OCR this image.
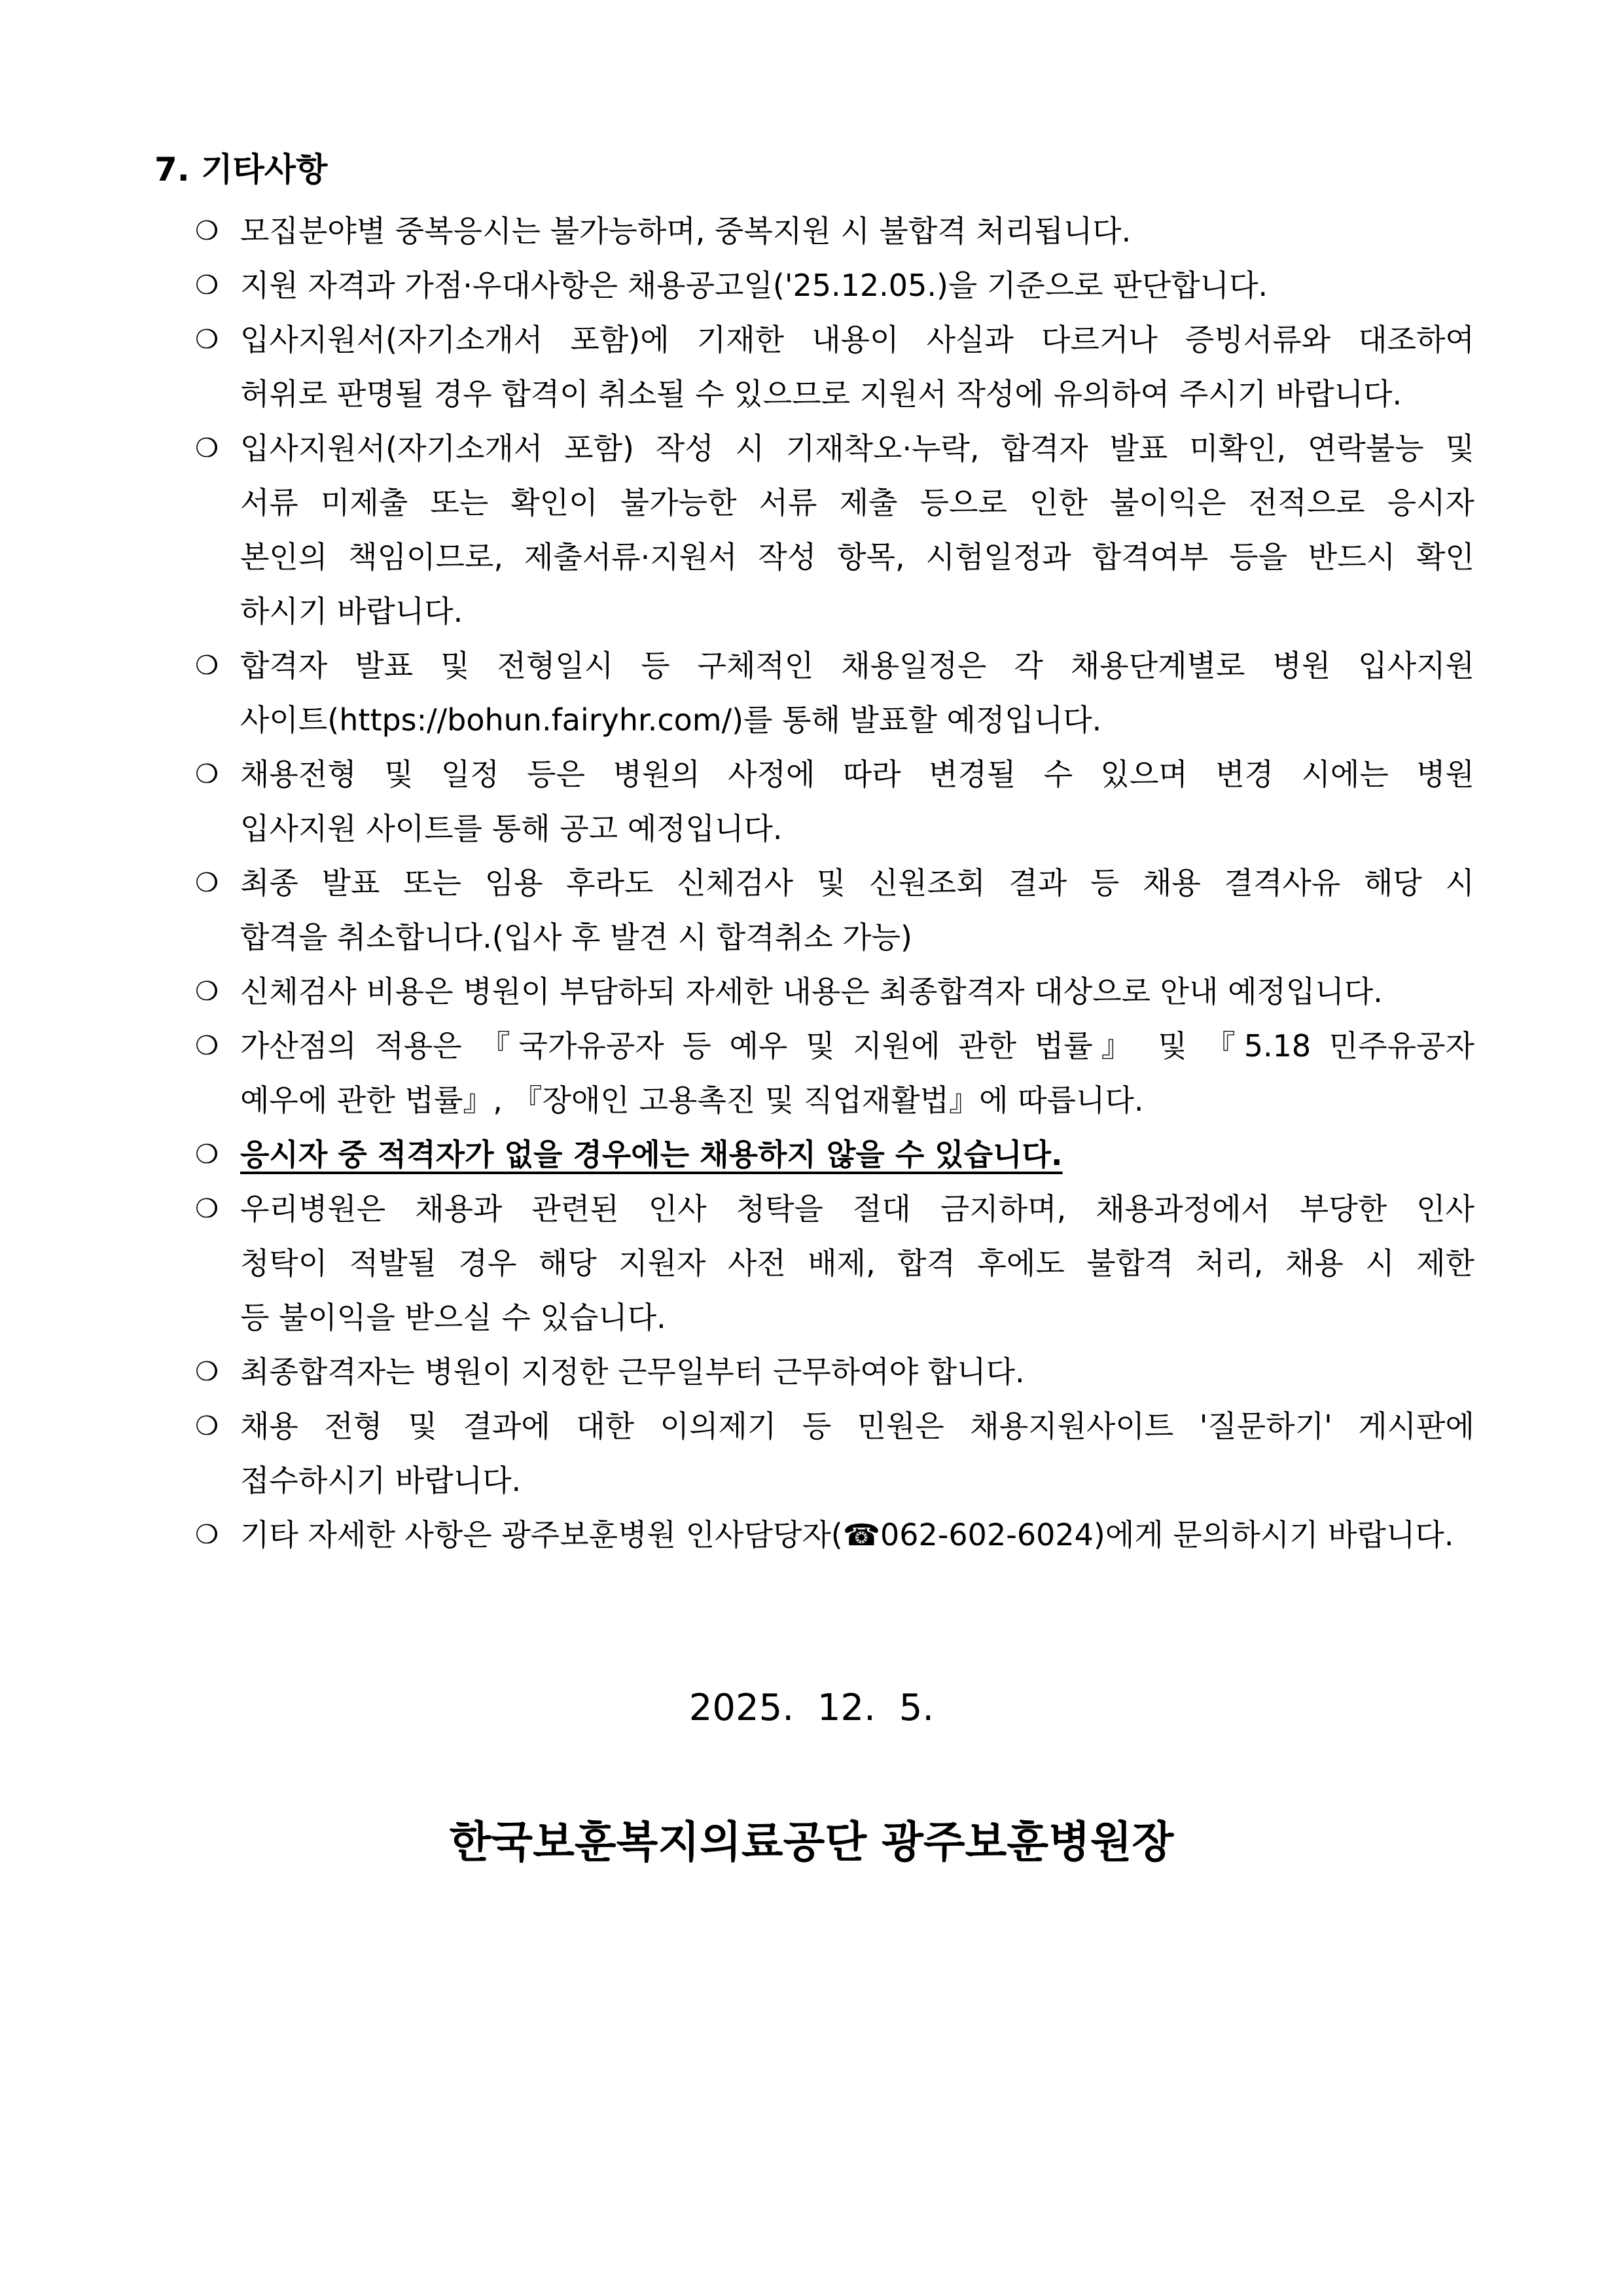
7. 기타사항
❍ 모집분야별 중복응시는 불가능하며, 중복지원 시 불합격 처리됩니다.
❍ 지원 자격과 가점·우대사항은 채용공고일('25.12.05.)을 기준으로 판단합니다.
❍ 입사지원서(자기소개서 포함)에 기재한 내용이 사실과 다르거나 증빙서류와 대조하여
허위로 판명될 경우 합격이 취소될 수 있으므로 지원서 작성에 유의하여 주시기 바랍니다.
❍ 입사지원서(자기소개서 포함) 작성 시 기재착오·누락, 합격자 발표 미확인, 연락불능 및
서류 미제출 또는 확인이 불가능한 서류 제출 등으로 인한 불이익은 전적으로 응시자
본인의 책임이므로, 제출서류·지원서 작성 항목, 시험일정과 합격여부 등을 반드시 확인
하시기 바랍니다.
❍ 합격자 발표 및 전형일시 등 구체적인 채용일정은 각 채용단계별로 병원 입사지원
사이트(https://bohun.fairyhr.com/)를 통해 발표할 예정입니다.
❍ 채용전형 및 일정 등은 병원의 사정에 따라 변경될 수 있으며 변경 시에는 병원
입사지원 사이트를 통해 공고 예정입니다.
❍ 최종 발표 또는 임용 후라도 신체검사 및 신원조회 결과 등 채용 결격사유 해당 시
합격을 취소합니다.(입사 후 발견 시 합격취소 가능)
❍ 신체검사 비용은 병원이 부담하되 자세한 내용은 최종합격자 대상으로 안내 예정입니다.
❍ 가산점의 적용은 『국가유공자 등 예우 및 지원에 관한 법률』 및 『5.18 민주유공자
예우에 관한 법률』, 『장애인 고용촉진 및 직업재활법』에 따릅니다.
❍ 응시자 중 적격자가 없을 경우에는 채용하지 않을 수 있습니다.
❍ 우리병원은 채용과 관련된 인사 청탁을 절대 금지하며, 채용과정에서 부당한 인사
청탁이 적발될 경우 해당 지원자 사전 배제, 합격 후에도 불합격 처리, 채용 시 제한
등 불이익을 받으실 수 있습니다.
❍ 최종합격자는 병원이 지정한 근무일부터 근무하여야 합니다.
❍ 채용 전형 및 결과에 대한 이의제기 등 민원은 채용지원사이트 '질문하기' 게시판에
접수하시기 바랍니다.
❍ 기타 자세한 사항은 광주보훈병원 인사담당자(☎062-602-6024)에게 문의하시기 바랍니다.
2025. 12. 5.
한국보훈복지의료공단 광주보훈병원장
